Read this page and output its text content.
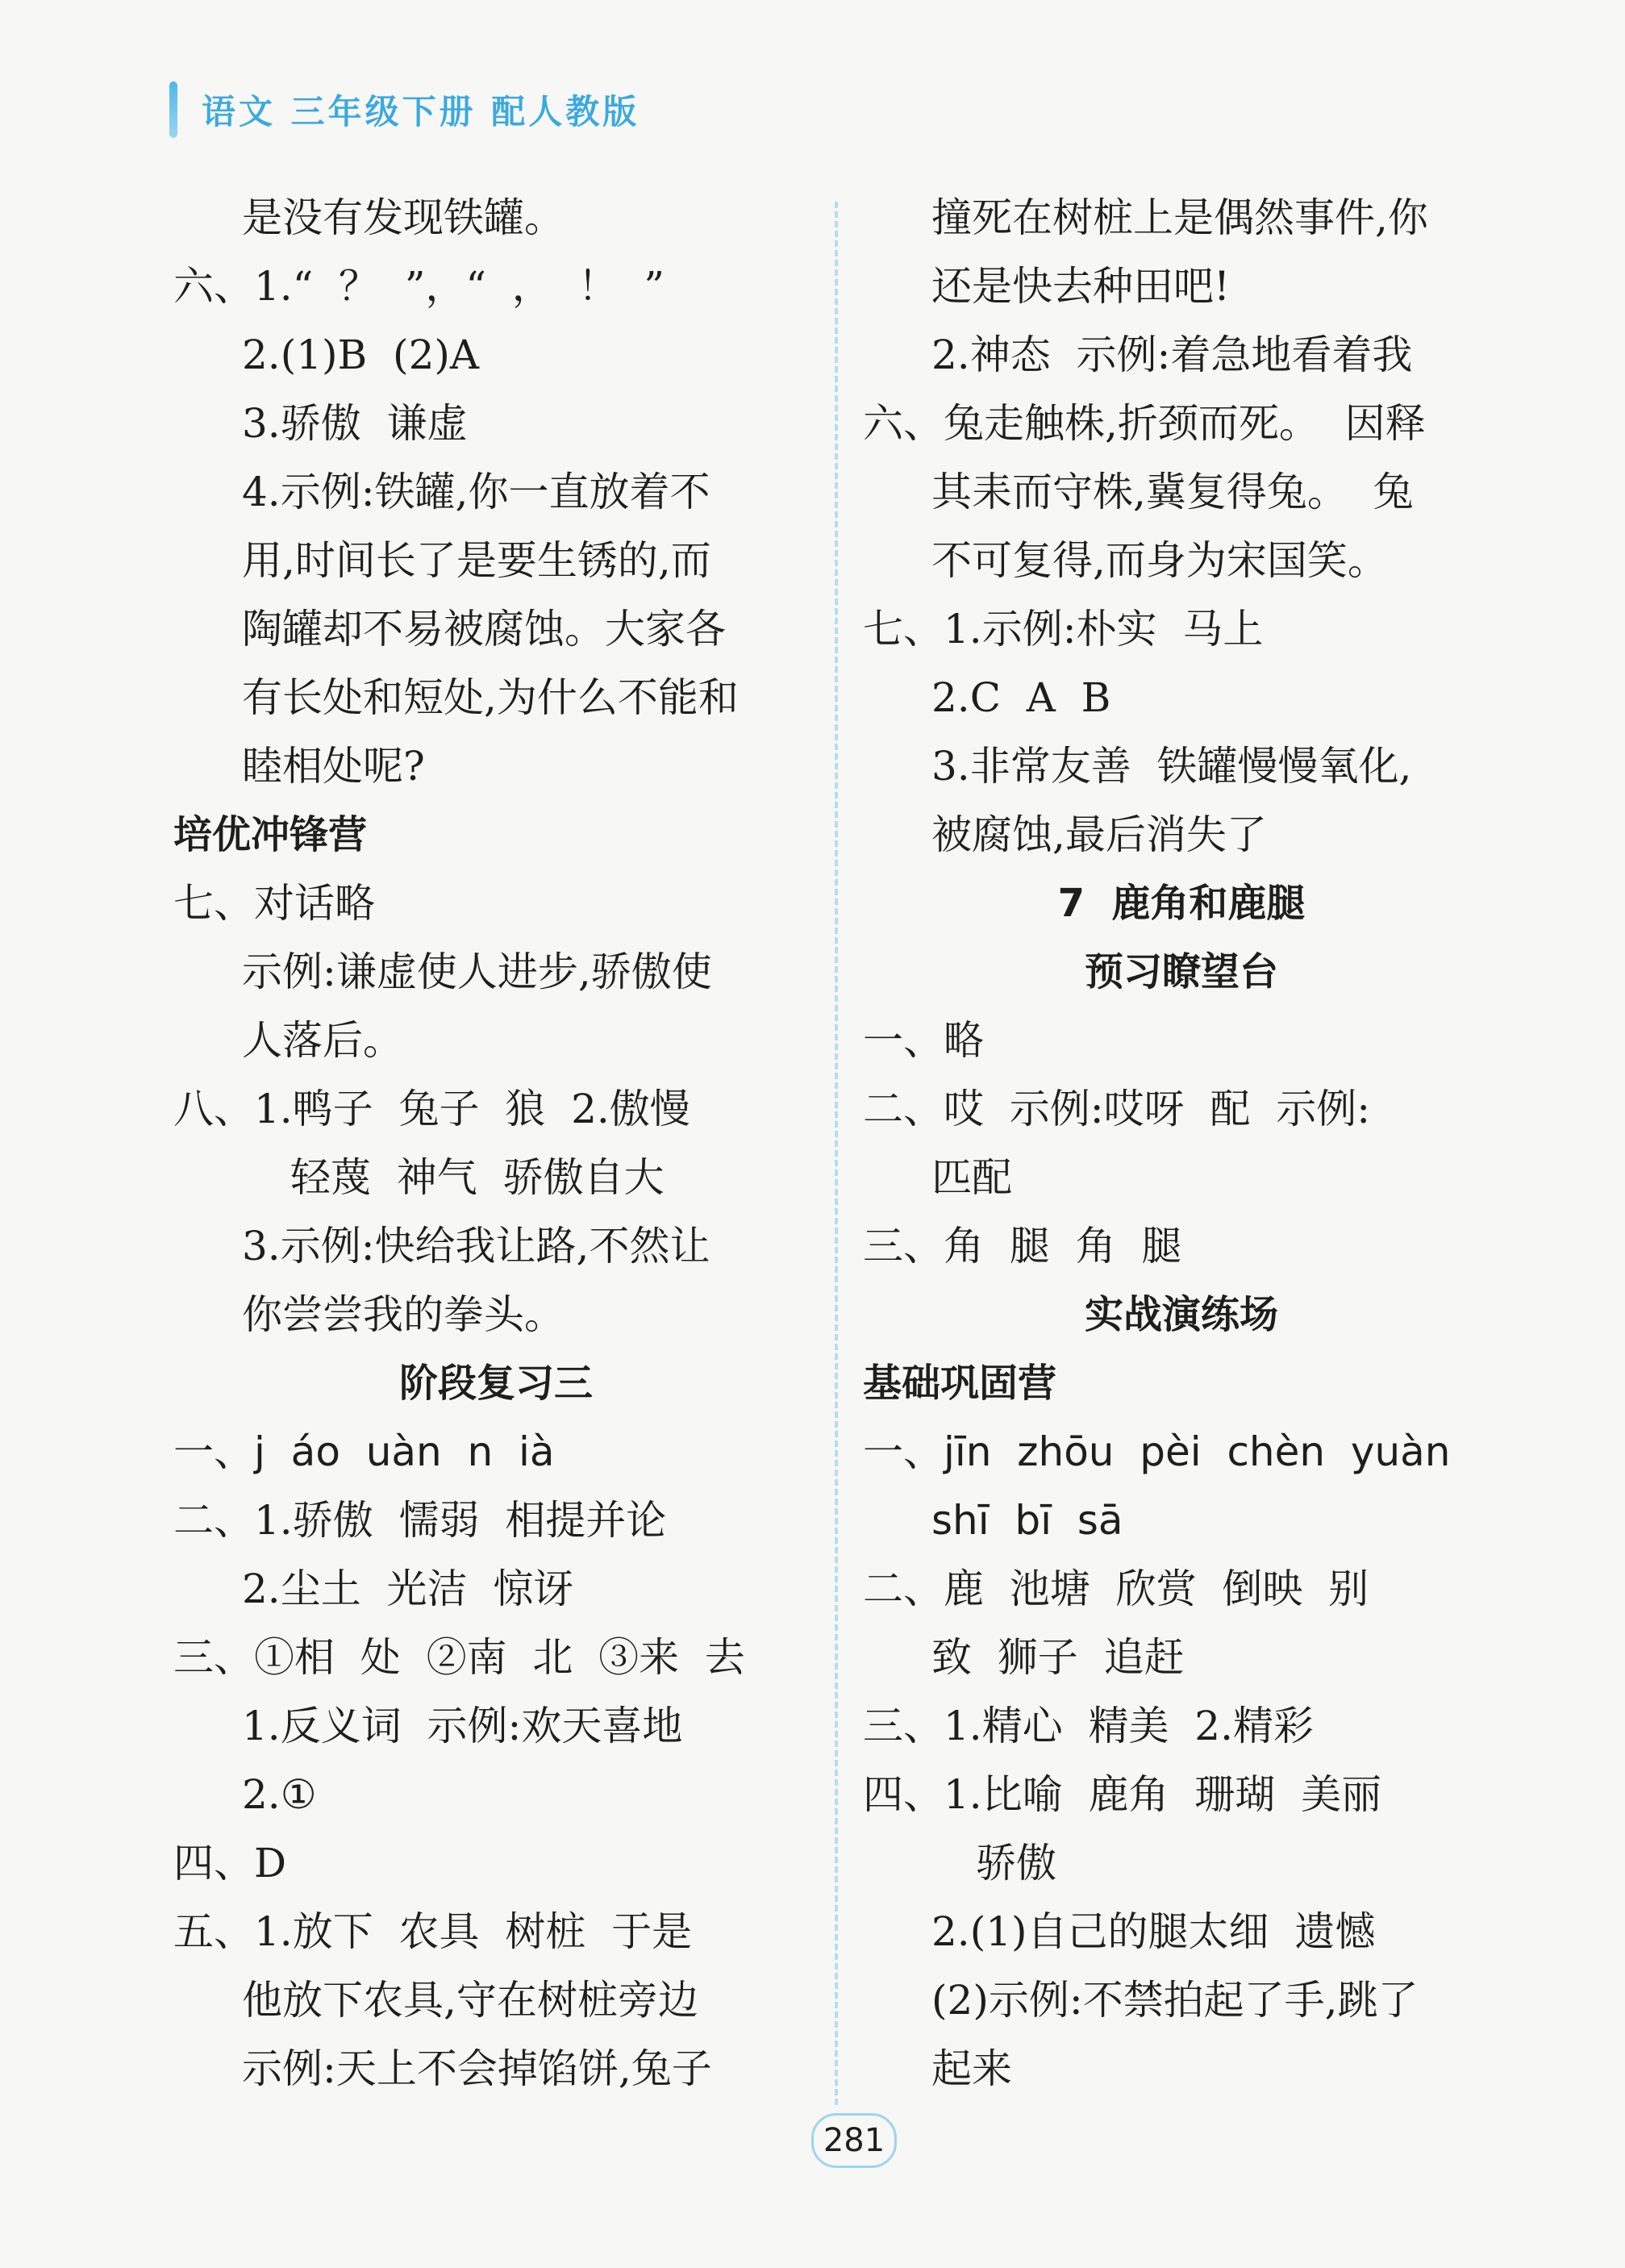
语文 三年级下册 配人教版
是没有发现铁罐。
六、1.“  ？  ”，“  ，  ！  ”
2.(1)B  (2)A
3.骄傲  谦虚
4.示例:铁罐,你一直放着不
用,时间长了是要生锈的,而
陶罐却不易被腐蚀。大家各
有长处和短处,为什么不能和
睦相处呢?
培优冲锋营
七、对话略
示例:谦虚使人进步,骄傲使
人落后。
八、1.鸭子  兔子  狼  2.傲慢
轻蔑  神气  骄傲自大
3.示例:快给我让路,不然让
你尝尝我的拳头。
阶段复习三
一、j  áo  uàn  n  ià
二、1.骄傲  懦弱  相提并论
2.尘土  光洁  惊讶
三、①相  处  ②南  北  ③来  去
1.反义词  示例:欢天喜地
2.①
四、D
五、1.放下  农具  树桩  于是
他放下农具,守在树桩旁边
示例:天上不会掉馅饼,兔子
撞死在树桩上是偶然事件,你
还是快去种田吧!
2.神态  示例:着急地看着我
六、兔走触株,折颈而死。  因释
其耒而守株,冀复得兔。  兔
不可复得,而身为宋国笑。
七、1.示例:朴实  马上
2.C  A  B
3.非常友善  铁罐慢慢氧化,
被腐蚀,最后消失了
7  鹿角和鹿腿
预习瞭望台
一、略
二、哎  示例:哎呀  配  示例:
匹配
三、角  腿  角  腿
实战演练场
基础巩固营
一、jīn  zhōu  pèi  chèn  yuàn
shī  bī  sā
二、鹿  池塘  欣赏  倒映  别
致  狮子  追赶
三、1.精心  精美  2.精彩
四、1.比喻  鹿角  珊瑚  美丽
骄傲
2.(1)自己的腿太细  遗憾
(2)示例:不禁拍起了手,跳了
起来
281
